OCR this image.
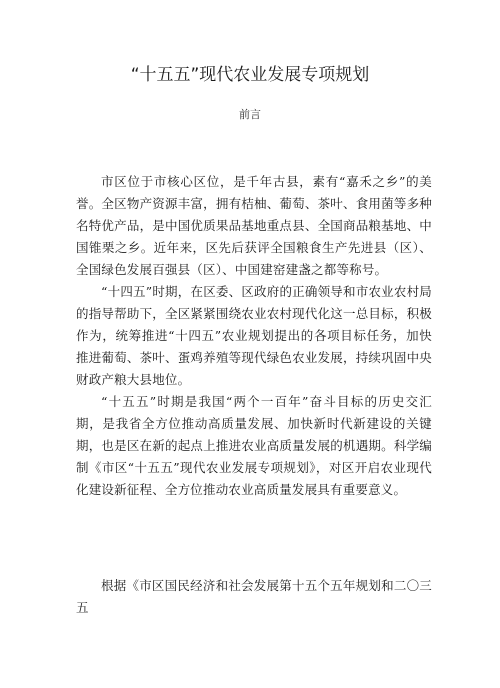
“十五五”现代农业发展专项规划
前言

市区位于市核心区位，是千年古县，素有“嘉禾之乡”的美誉。全区物产资源丰富，拥有桔柚、葡萄、茶叶、食用菌等多种名特优产品，是中国优质果品基地重点县、全国商品粮基地、中国锥栗之乡。近年来，区先后获评全国粮食生产先进县（区）、全国绿色发展百强县（区）、中国建窑建盏之都等称号。

“十四五”时期，在区委、区政府的正确领导和市农业农村局的指导帮助下，全区紧紧围绕农业农村现代化这一总目标，积极作为，统筹推进“十四五”农业规划提出的各项目标任务，加快推进葡萄、茶叶、蛋鸡养殖等现代绿色农业发展，持续巩固中央财政产粮大县地位。

“十五五”时期是我国“两个一百年”奋斗目标的历史交汇期，是我省全方位推动高质量发展、加快新时代新建设的关键期，也是区在新的起点上推进农业高质量发展的机遇期。科学编制《市区“十五五”现代农业发展专项规划》，对区开启农业现代化建设新征程、全方位推动农业高质量发展具有重要意义。

根据《市区国民经济和社会发展第十五个五年规划和二〇三五
